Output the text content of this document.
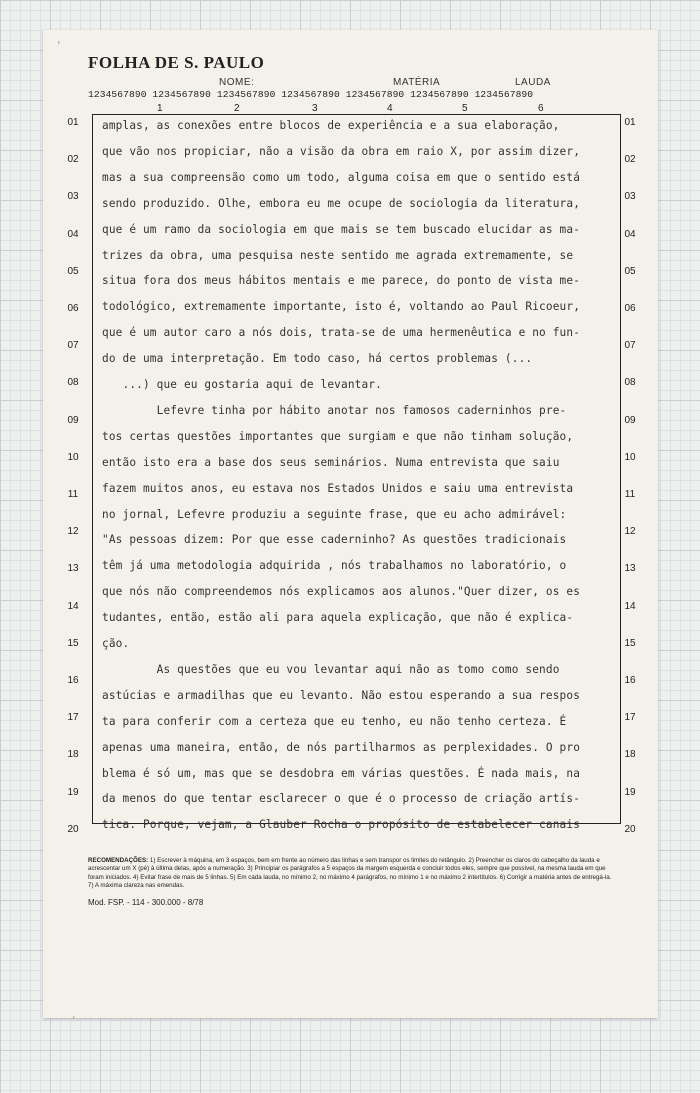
FOLHA DE S. PAULO
NOME:	MATÉRIA	LAUDA
1234567890 1234567890 1234567890 1234567890 1234567890 1234567890 1234567890
1	2	3	4	5	6
01	01
02	02
03	03
04	04
05	05
06	06
07	07
08	08
09	09
10	10
11	11
12	12
13	13
14	14
15	15
16	16
17	17
18	18
19	19
20	20
amplas, as conexões entre blocos de experiência e a sua elaboração,
que vão nos propiciar, não a visão da obra em raio X, por assim dizer,
mas a sua compreensão como um todo, alguma coisa em que o sentido está
sendo produzido. Olhe, embora eu me ocupe de sociologia da literatura,
que é um ramo da sociologia em que mais se tem buscado elucidar as ma-
trizes da obra, uma pesquisa neste sentido me agrada extremamente, se
situa fora dos meus hábitos mentais e me parece, do ponto de vista me-
todológico, extremamente importante, isto é, voltando ao Paul Ricoeur,
que é um autor caro a nós dois, trata-se de uma hermenêutica e no fun-
do de uma interpretação. Em todo caso, há certos problemas (...
...) que eu gostaria aqui de levantar.
Lefevre tinha por hábito anotar nos famosos caderninhos pre-
tos certas questões importantes que surgiam e que não tinham solução,
então isto era a base dos seus seminários. Numa entrevista que saiu
fazem muitos anos, eu estava nos Estados Unidos e saiu uma entrevista
no jornal, Lefevre produziu a seguinte frase, que eu acho admirável:
"As pessoas dizem: Por que esse caderninho? As questões tradicionais
têm já uma metodologia adquirida , nós trabalhamos no laboratório, o
que nós não compreendemos nós explicamos aos alunos."Quer dizer, os es
tudantes, então, estão ali para aquela explicação, que não é explica-
ção.
As questões que eu vou levantar aqui não as tomo como sendo
astúcias e armadilhas que eu levanto. Não estou esperando a sua respos
ta para conferir com a certeza que eu tenho, eu não tenho certeza. É
apenas uma maneira, então, de nós partilharmos as perplexidades. O pro
blema é só um, mas que se desdobra em várias questões. É nada mais, na
da menos do que tentar esclarecer o que é o processo de criação artís-
tica. Porque, vejam, a Glauber Rocha o propósito de estabelecer canais
RECOMENDAÇÕES: 1) Escrever à máquina, em 3 espaços, bem em frente ao número das linhas e sem transpor os limites do retângulo. 2) Preencher os claros do cabeçalho da lauda e acrescentar um X (pé) à última delas, após a numeração. 3) Principiar os parágrafos a 5 espaços da margem esquerda e concluir todos eles, sempre que possível, na mesma lauda em que foram iniciados. 4) Evitar frase de mais de 5 linhas. 5) Em cada lauda, no mínimo 2, no máximo 4 parágrafos, no mínimo 1 e no máximo 2 intertítulos. 6) Corrigir a matéria antes de entregá-la. 7) A máxima clareza nas emendas.
Mod. FSP. - 114 - 300.000 - 8/78
ʹ
ʹ
